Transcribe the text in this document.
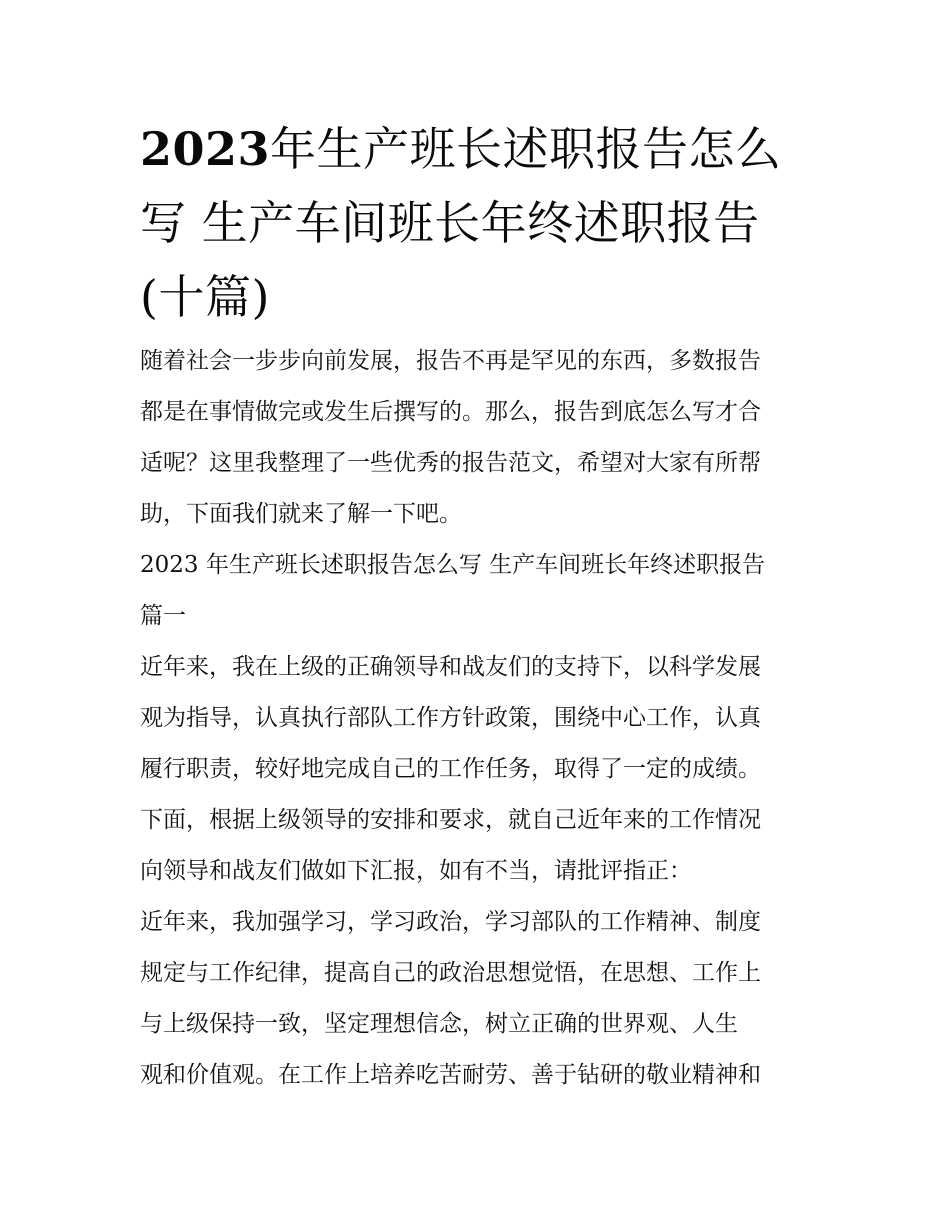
2023年生产班长述职报告怎么
写 生产车间班长年终述职报告
(十篇)

随着社会一步步向前发展，报告不再是罕见的东西，多数报告
都是在事情做完或发生后撰写的。那么，报告到底怎么写才合
适呢？这里我整理了一些优秀的报告范文，希望对大家有所帮
助，下面我们就来了解一下吧。

2023 年生产班长述职报告怎么写 生产车间班长年终述职报告
篇一

近年来，我在上级的正确领导和战友们的支持下，以科学发展
观为指导，认真执行部队工作方针政策，围绕中心工作，认真
履行职责，较好地完成自己的工作任务，取得了一定的成绩。
下面，根据上级领导的安排和要求，就自己近年来的工作情况
向领导和战友们做如下汇报，如有不当，请批评指正：

近年来，我加强学习，学习政治，学习部队的工作精神、制度
规定与工作纪律，提高自己的政治思想觉悟，在思想、工作上
与上级保持一致，坚定理想信念，树立正确的世界观、人生
观和价值观。在工作上培养吃苦耐劳、善于钻研的敬业精神和
